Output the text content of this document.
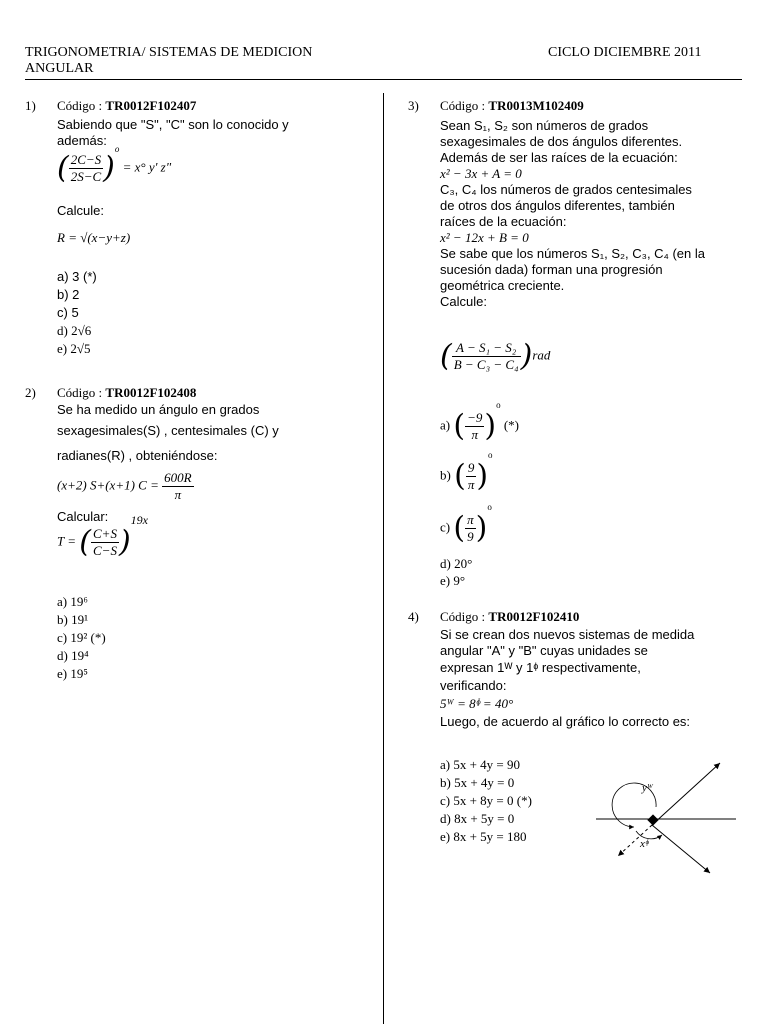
TRIGONOMETRIA/ SISTEMAS DE MEDICION
ANGULAR
CICLO DICIEMBRE 2011
1) Código : TR0012F102407
Sabiendo que "S", "C" son lo conocido y
además:
( $\frac{2C-S}{2S-C} )^o = x^\circ$ y' z"
Calcule:
R = √(x−y+z)
a) 3 (*)
b) 2
c) 5
d) 2√6
e) 2√5
2) Código : TR0012F102408
Se ha medido un ángulo en grados
sexagesimales(S) , centesimales (C) y
radianes(R) , obteniéndose:
(x+2) S+(x+1) $C = \frac{600R}{\pi}$
Calcular:
T = ( $\frac{C+S}{C-S} )^{19x}$
a) 19⁶
b) 19¹
c) 19² (*)
d) 19⁴
e) 19⁵
3) Código : TR0013M102409
Sean S₁, S₂ son números de grados
sexagesimales de dos ángulos diferentes.
Además de ser las raíces de la ecuación:
x² − 3x + A = 0
C₃, C₄ los números de grados centesimales
de otros dos ángulos diferentes, también
raíces de la ecuación:
x² − 12x + B = 0
Se sabe que los números S₁, S₂, C₃, C₄ (en la
sucesión dada) forman una progresión
geométrica creciente.
Calcule:
( $\frac{\text{A − S₁ − S₂}}{\text{B − C₃ − C₄}} )rad$
a) ( $\frac{-9}{\pi} )^o$ (*)
b) ( $\frac{9}{\pi} )^o$
c) ( $\frac{\pi}{9} )^o$
d) 20°
e) 9°
4) Código : TR0012F102410
Si se crean dos nuevos sistemas de medida
angular "A" y "B" cuyas unidades se
expresan 1ᵂ y 1ᶲ respectivamente,
verificando:
5ᵂ = 8ᶲ = 40°
Luego, de acuerdo al gráfico lo correcto es:
a) 5x + 4y = 90
b) 5x + 4y = 0
c) 5x + 8y = 0 (*)
d) 8x + 5y = 0
e) 8x + 5y = 180
yᵂ
xᶲ
